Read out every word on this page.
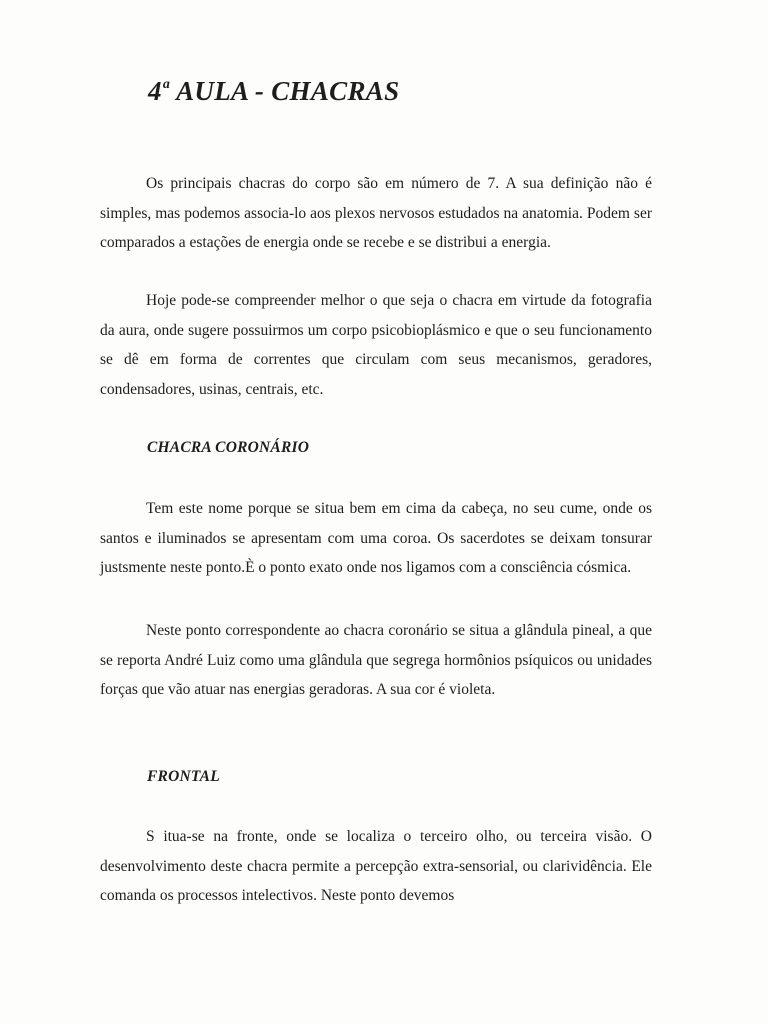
4$^a$ AULA - CHACRAS

Os principais chacras do corpo são em número de 7. A sua definição não é simples, mas podemos associa-lo aos plexos nervosos estudados na anatomia. Podem ser comparados a estações de energia onde se recebe e se distribui a energia.

Hoje pode-se compreender melhor o que seja o chacra em virtude da fotografia da aura, onde sugere possuirmos um corpo psicobioplásmico e que o seu funcionamento se dê em forma de correntes que circulam com seus mecanismos, geradores, condensadores, usinas, centrais, etc.

CHACRA CORONÁRIO

Tem este nome porque se situa bem em cima da cabeça, no seu cume, onde os santos e iluminados se apresentam com uma coroa. Os sacerdotes se deixam tonsurar justsmente neste ponto.È o ponto exato onde nos ligamos com a consciência cósmica.

Neste ponto correspondente ao chacra coronário se situa a glândula pineal, a que se reporta André Luiz como uma glândula que segrega hormônios psíquicos ou unidades forças que vão atuar nas energias geradoras. A sua cor é violeta.

FRONTAL

S itua-se na fronte, onde se localiza o terceiro olho, ou terceira visão. O desenvolvimento deste chacra permite a percepção extra-sensorial, ou clarividência. Ele comanda os processos intelectivos. Neste ponto devemos
